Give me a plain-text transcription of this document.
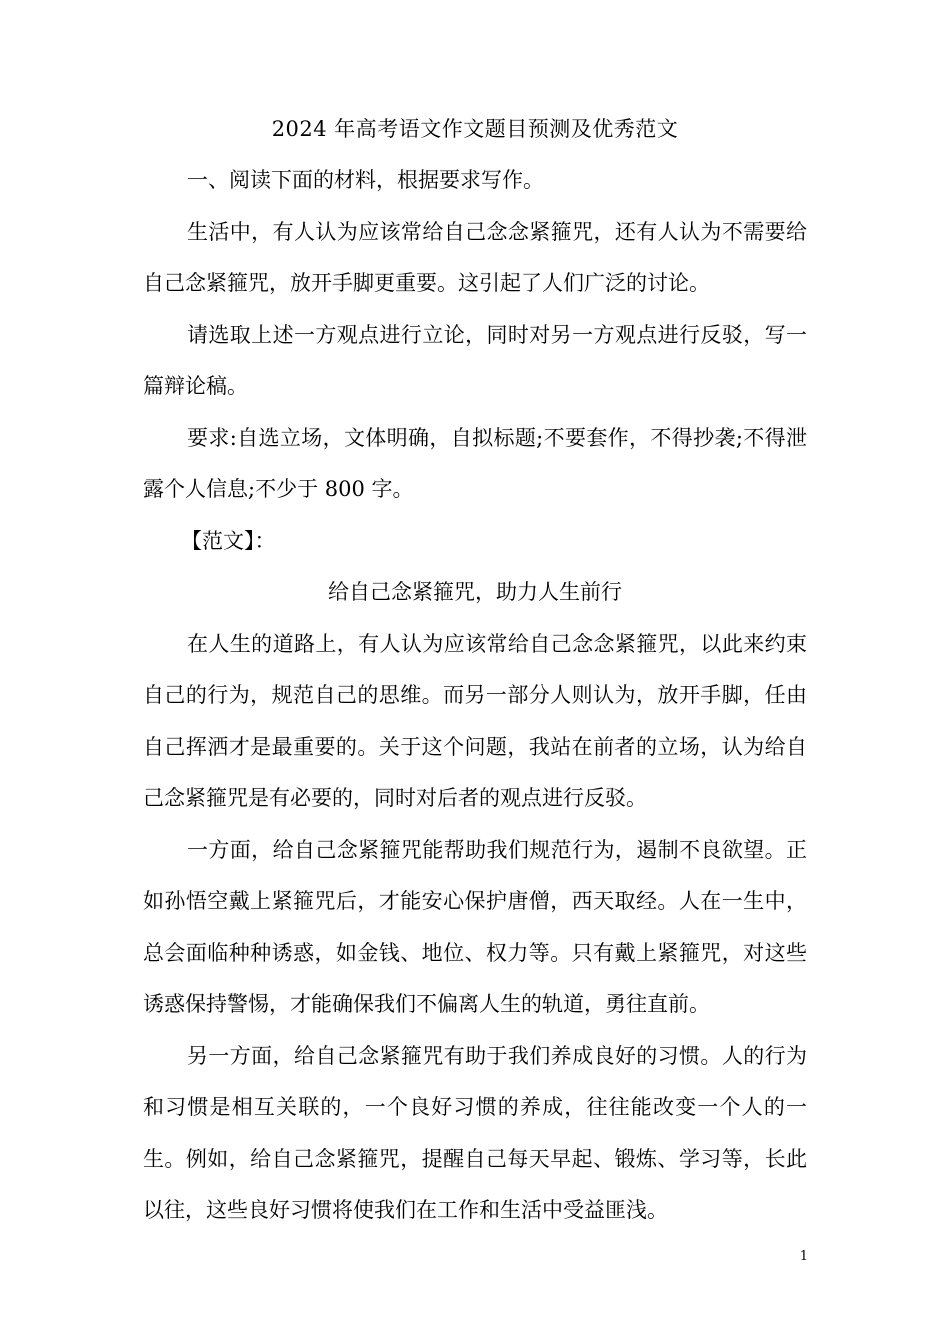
2024 年高考语文作文题目预测及优秀范文

一、阅读下面的材料，根据要求写作。

生活中，有人认为应该常给自己念念紧箍咒，还有人认为不需要给自己念紧箍咒，放开手脚更重要。这引起了人们广泛的讨论。

请选取上述一方观点进行立论，同时对另一方观点进行反驳，写一篇辩论稿。

要求:自选立场，文体明确，自拟标题;不要套作，不得抄袭;不得泄露个人信息;不少于 800 字。

【范文】：

给自己念紧箍咒，助力人生前行

在人生的道路上，有人认为应该常给自己念念紧箍咒，以此来约束自己的行为，规范自己的思维。而另一部分人则认为，放开手脚，任由自己挥洒才是最重要的。关于这个问题，我站在前者的立场，认为给自己念紧箍咒是有必要的，同时对后者的观点进行反驳。

一方面，给自己念紧箍咒能帮助我们规范行为，遏制不良欲望。正如孙悟空戴上紧箍咒后，才能安心保护唐僧，西天取经。人在一生中，总会面临种种诱惑，如金钱、地位、权力等。只有戴上紧箍咒，对这些诱惑保持警惕，才能确保我们不偏离人生的轨道，勇往直前。

另一方面，给自己念紧箍咒有助于我们养成良好的习惯。人的行为和习惯是相互关联的，一个良好习惯的养成，往往能改变一个人的一生。例如，给自己念紧箍咒，提醒自己每天早起、锻炼、学习等，长此以往，这些良好习惯将使我们在工作和生活中受益匪浅。

1
